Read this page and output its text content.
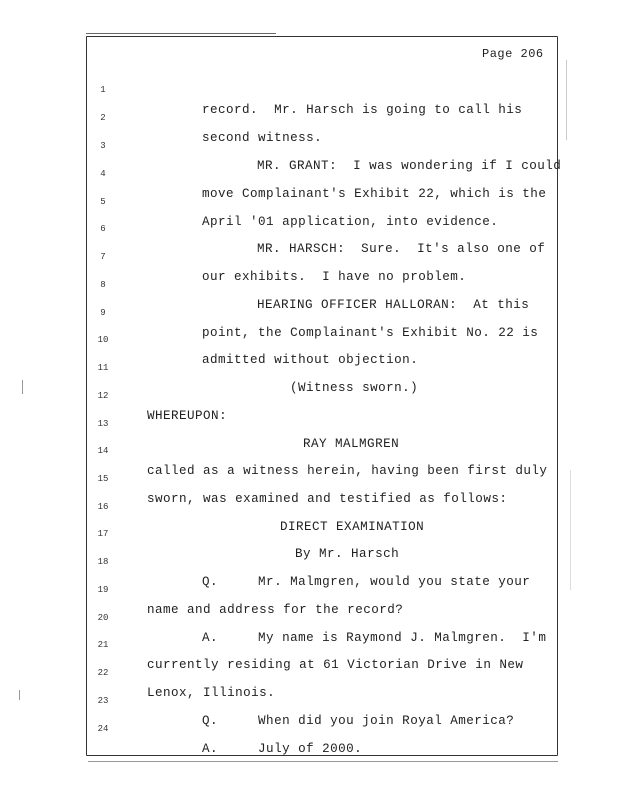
Page 206

1

record.  Mr. Harsch is going to call his

2

second witness.

3

MR. GRANT:  I was wondering if I could

4

move Complainant's Exhibit 22, which is the

5

April '01 application, into evidence.

6

MR. HARSCH:  Sure.  It's also one of

7

our exhibits.  I have no problem.

8

HEARING OFFICER HALLORAN:  At this

9

point, the Complainant's Exhibit No. 22 is

10

admitted without objection.

11

(Witness sworn.)

12

WHEREUPON:

13

RAY MALMGREN

14

called as a witness herein, having been first duly

15

sworn, was examined and testified as follows:

16

DIRECT EXAMINATION

17

By Mr. Harsch

18

Q.     Mr. Malmgren, would you state your

19

name and address for the record?

20

A.     My name is Raymond J. Malmgren.  I'm

21

currently residing at 61 Victorian Drive in New

22

Lenox, Illinois.

23

Q.     When did you join Royal America?

24

A.     July of 2000.
